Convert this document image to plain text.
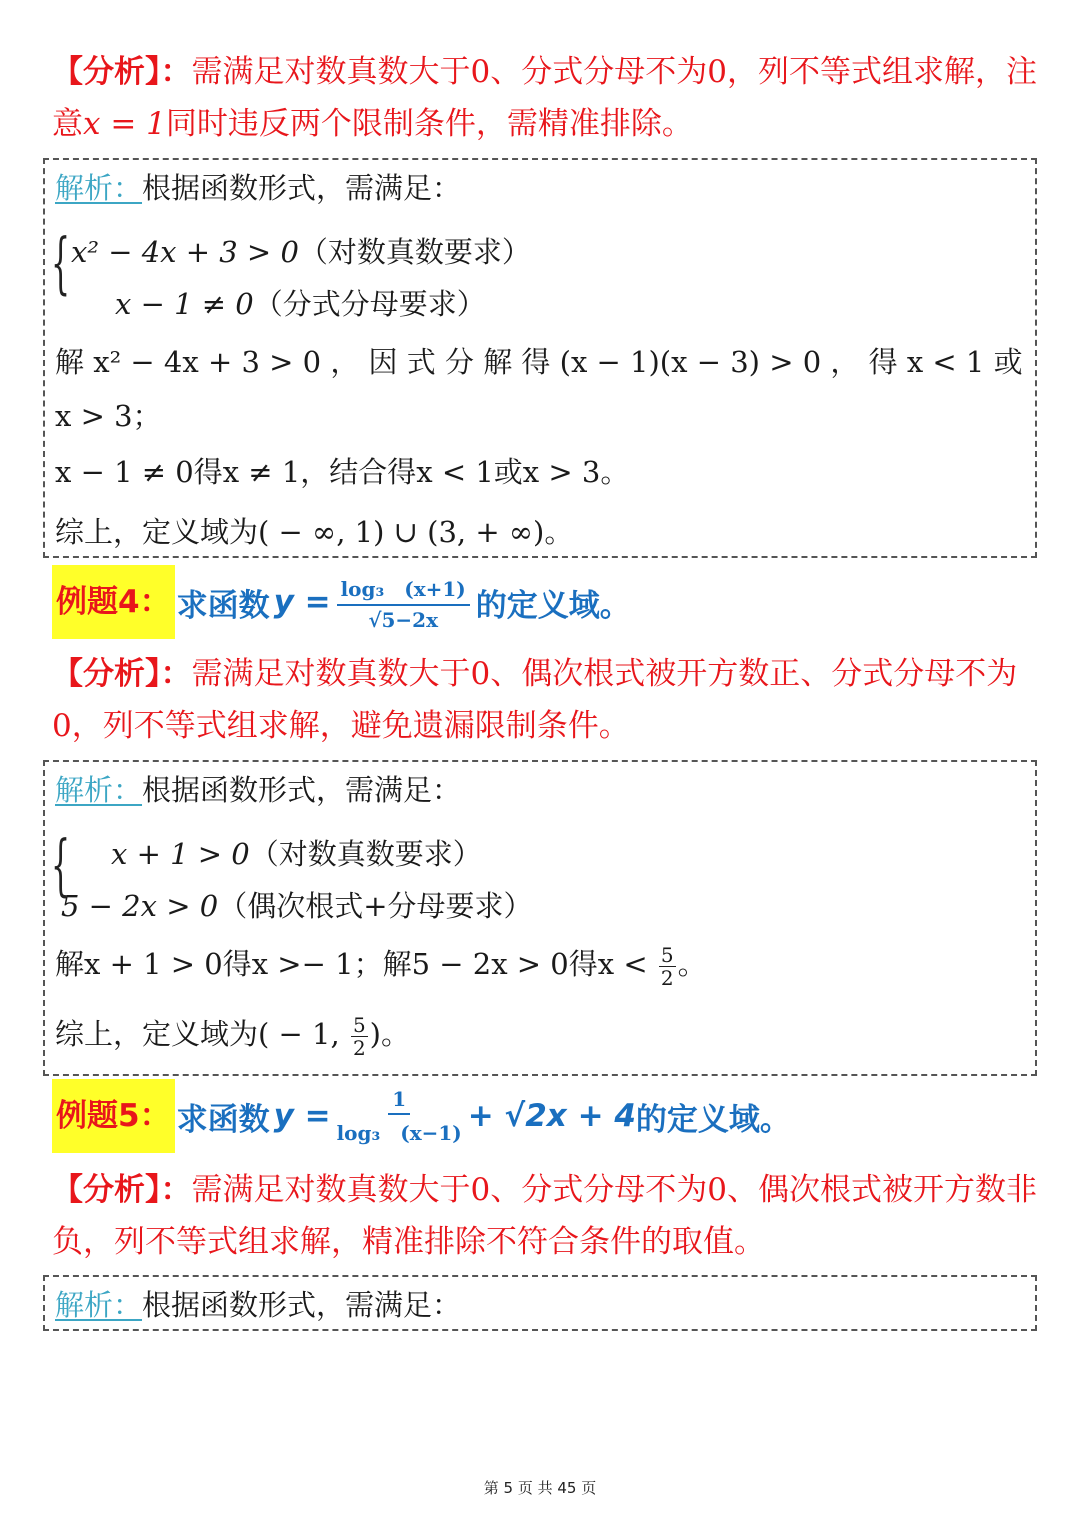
【分析】：需满足对数真数大于0、分式分母不为0，列不等式组求解，注意x = 1同时违反两个限制条件，需精准排除。
解析：根据函数形式，需满足：
{ x² − 4x + 3 > 0（对数真数要求）
x − 1 ≠ 0（分式分母要求）
解 x² − 4x + 3 > 0 ， 因 式 分 解 得 (x − 1)(x − 3) > 0 ， 得 x < 1 或
x > 3；
x − 1 ≠ 0得x ≠ 1，结合得x < 1或x > 3。
综上，定义域为( − ∞, 1) ∪ (3, + ∞)。
例题4： 求函数 $y = \frac{\text{log₃　(x+1)}}{√5-2x}$ 的定义域。
【分析】：需满足对数真数大于0、偶次根式被开方数正、分式分母不为0，列不等式组求解，避免遗漏限制条件。
解析：根据函数形式，需满足：
{ x + 1 > 0（对数真数要求）
5 − 2x > 0（偶次根式+分母要求）
解x + 1 > 0得x >− 1；解5 − 2x > 0得$x < \frac{5}{2}$ 。
综上，定义域为( − 1, $\frac{5}{2}$ )。
例题5： 求函数 $y = \frac{1}{\text{log₃　(x−1)}} + √2x + 4$ 的定义域。
【分析】：需满足对数真数大于0、分式分母不为0、偶次根式被开方数非负，列不等式组求解，精准排除不符合条件的取值。
解析：根据函数形式，需满足：
第 5 页 共 45 页
